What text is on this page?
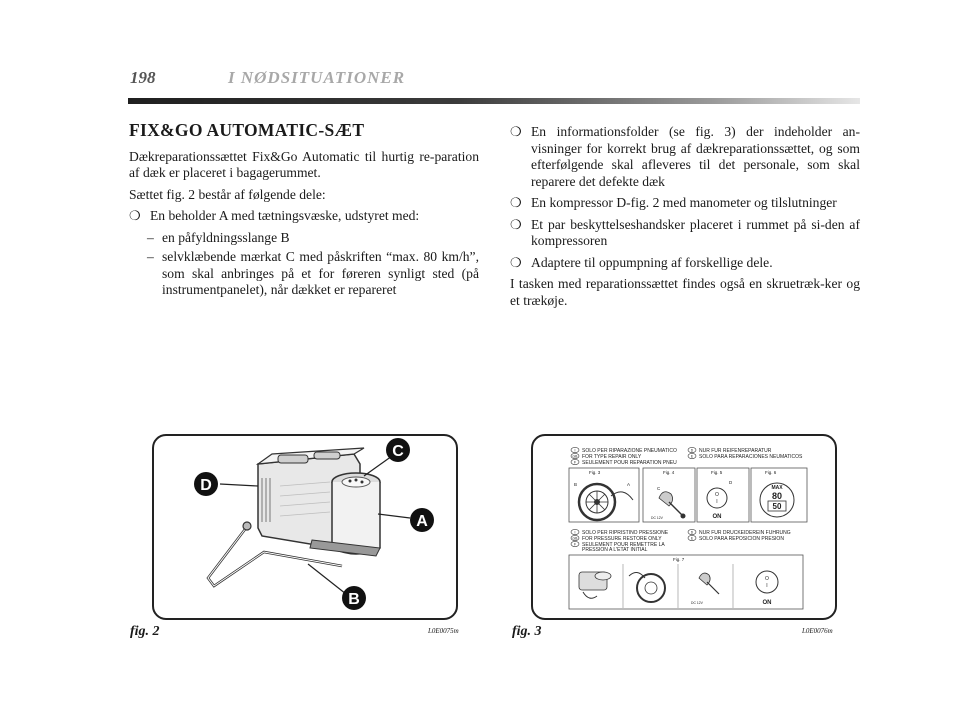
198	I NØDSITUATIONER
FIX&GO AUTOMATIC-SÆT
Dækreparationssættet Fix&Go Automatic til hurtig re-paration af dæk er placeret i bagagerummet.
Sættet fig. 2 består af følgende dele:
❍ En beholder A med tætningsvæske, udstyret med:
– en påfyldningsslange B
– selvklæbende mærkat C med påskriften “max. 80 km/h”, som skal anbringes på et for føreren synligt sted (på instrumentpanelet), når dækket er repareret
❍ En informationsfolder (se fig. 3) der indeholder an-visninger for korrekt brug af dækreparationssættet, og som efterfølgende skal afleveres til det personale, som skal reparere det defekte dæk
❍ En kompressor D-fig. 2 med manometer og tilslutninger
❍ Et par beskyttelseshandsker placeret i rummet på si-den af kompressoren
❍ Adaptere til oppumpning af forskellige dele.
I tasken med reparationssættet findes også en skruetræk-ker og et trækøje.
D
C
A
B
fig. 2	L0E0075m
I SOLO PER RIPARAZIONE PNEUMATICO
GB FOR TYPE REPAIR ONLY
F SEULEMENT POUR REPARATION PNEU
D NUR FUR REIFENREPARATUR
E SOLO PARA REPARACIONES NEUMATICOS
Fig. 3
B	A
Fig. 4
C
DC 12V
Fig. 5
D
O
I
ON
Fig. 6
MAX
80
50
I SOLO PER RIPRISTINO PRESSIONE
GB FOR PRESSURE RESTORE ONLY
F SEULEMENT POUR REMETTRE LA
PRESSION A L'ETAT INITIAL
D NUR FUR DRUCKEIDEREIN FUHRUNG
E SOLO PARA REPOSICION PRESION
Fig. 7
DC 12V
O
I
ON
fig. 3	L0E0076m
